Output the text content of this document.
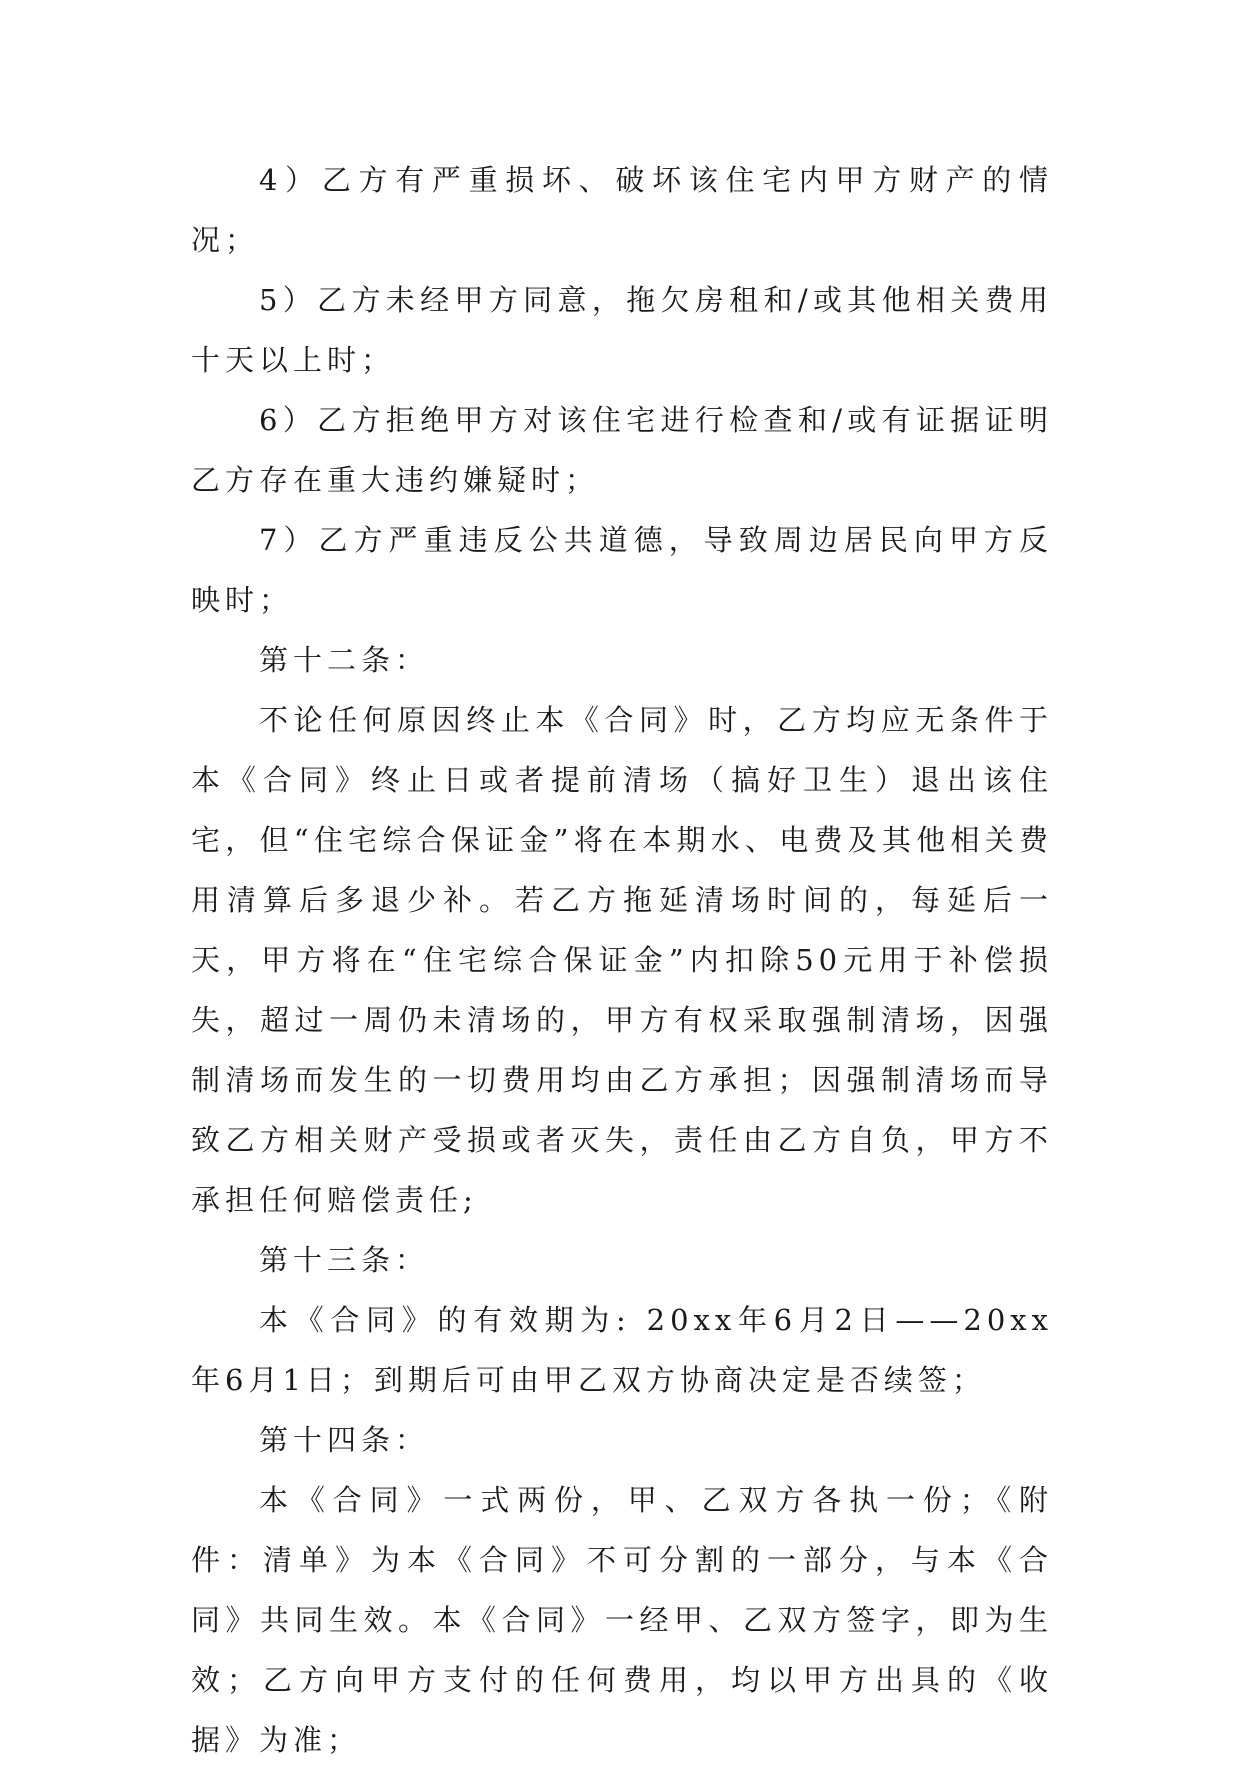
4）乙方有严重损坏、破坏该住宅内甲方财产的情况；

5）乙方未经甲方同意，拖欠房租和/或其他相关费用十天以上时；

6）乙方拒绝甲方对该住宅进行检查和/或有证据证明乙方存在重大违约嫌疑时；

7）乙方严重违反公共道德，导致周边居民向甲方反映时；

第十二条：

不论任何原因终止本《合同》时，乙方均应无条件于本《合同》终止日或者提前清场（搞好卫生）退出该住宅，但“住宅综合保证金”将在本期水、电费及其他相关费用清算后多退少补。若乙方拖延清场时间的，每延后一天，甲方将在“住宅综合保证金”内扣除50元用于补偿损失，超过一周仍未清场的，甲方有权采取强制清场，因强制清场而发生的一切费用均由乙方承担；因强制清场而导致乙方相关财产受损或者灭失，责任由乙方自负，甲方不承担任何赔偿责任;

第十三条：

本《合同》的有效期为: 20xx年6月2日——20xx年6月1日；到期后可由甲乙双方协商决定是否续签；

第十四条：

本《合同》一式两份，甲、乙双方各执一份；《附件：清单》为本《合同》不可分割的一部分，与本《合同》共同生效。本《合同》一经甲、乙双方签字，即为生效；乙方向甲方支付的任何费用，均以甲方出具的《收据》为准；
